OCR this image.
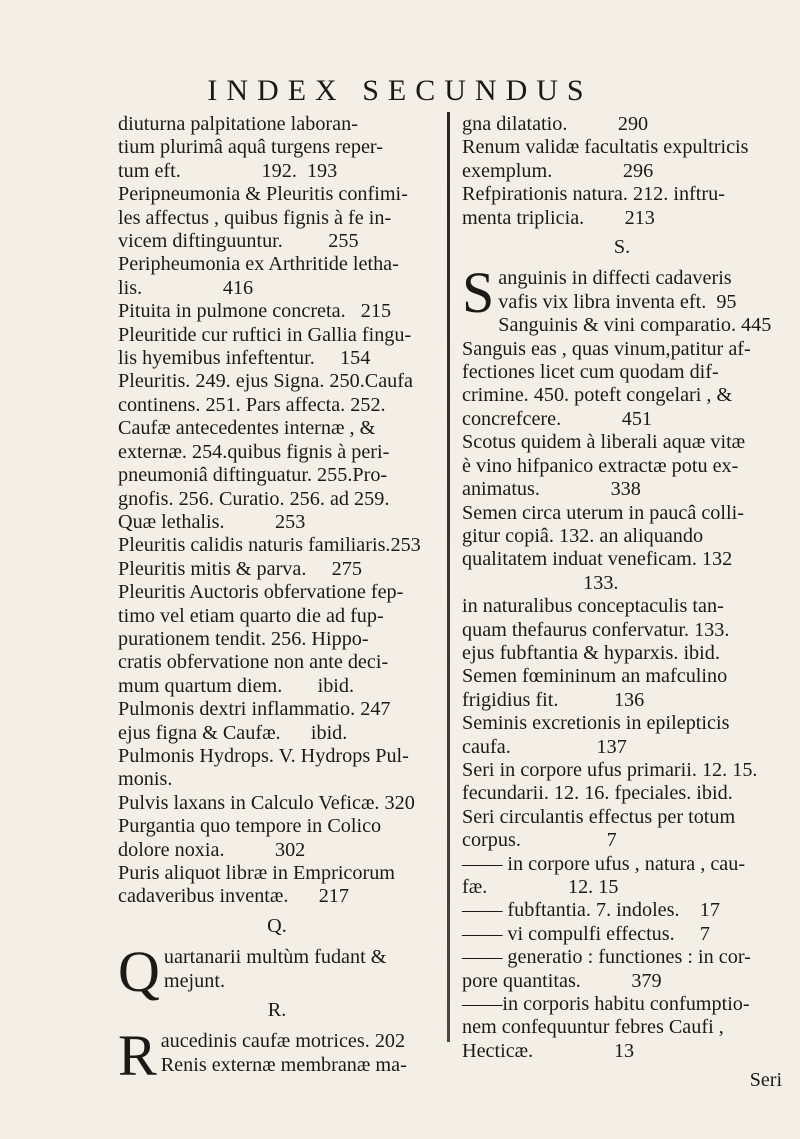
INDEX SECUNDUS
diuturna palpitatione laboran-
tium plurimâ aquâ turgens reper-
tum eft.                192.  193
Peripneumonia & Pleuritis confimi-
les affectus , quibus fignis à fe in-
vicem diftinguuntur.         255
Peripheumonia ex Arthritide letha-
lis.                416
Pituita in pulmone concreta.   215
Pleuritide cur ruftici in Gallia fingu-
lis hyemibus infeftentur.     154
Pleuritis. 249. ejus Signa. 250.Caufa
continens. 251. Pars affecta. 252.
Caufæ antecedentes internæ , &
externæ. 254.quibus fignis à peri-
pneumoniâ diftinguatur. 255.Pro-
gnofis. 256. Curatio. 256. ad 259.
Quæ lethalis.          253
Pleuritis calidis naturis familiaris.253
Pleuritis mitis & parva.     275
Pleuritis Auctoris obfervatione fep-
timo vel etiam quarto die ad fup-
purationem tendit. 256. Hippo-
cratis obfervatione non ante deci-
mum quartum diem.       ibid.
Pulmonis dextri inflammatio. 247
ejus figna & Caufæ.      ibid.
Pulmonis Hydrops. V. Hydrops Pul-
monis.
Pulvis laxans in Calculo Veficæ. 320
Purgantia quo tempore in Colico
dolore noxia.          302
Puris aliquot libræ in Empricorum
cadaveribus inventæ.      217
Q.
Q uartanarii multùm fudant &
mejunt.
R.
R aucedinis caufæ motrices. 202
Renis externæ membranæ ma-
gna dilatatio.          290
Renum validæ facultatis expultricis
exemplum.              296
Refpirationis natura. 212. inftru-
menta triplicia.        213
S.
S anguinis in diffecti cadaveris
vafis vix libra inventa eft.  95
Sanguinis & vini comparatio. 445
Sanguis eas , quas vinum,patitur af-
fectiones licet cum quodam dif-
crimine. 450. poteft congelari , &
concrefcere.            451
Scotus quidem à liberali aquæ vitæ
è vino hifpanico extractæ potu ex-
animatus.              338
Semen circa uterum in paucâ colli-
gitur copiâ. 132. an aliquando
qualitatem induat veneficam. 132
133.
in naturalibus conceptaculis tan-
quam thefaurus confervatur. 133.
ejus fubftantia & hyparxis. ibid.
Semen fœmininum an mafculino
frigidius fit.           136
Seminis excretionis in epilepticis
caufa.                 137
Seri in corpore ufus primarii. 12. 15.
fecundarii. 12. 16. fpeciales. ibid.
Seri circulantis effectus per totum
corpus.                 7
—— in corpore ufus , natura , cau-
fæ.                12. 15
—— fubftantia. 7. indoles.    17
—— vi compulfi effectus.     7
—— generatio : functiones : in cor-
pore quantitas.          379
——in corporis habitu confumptio-
nem confequuntur febres Caufi ,
Hecticæ.                13
Seri
